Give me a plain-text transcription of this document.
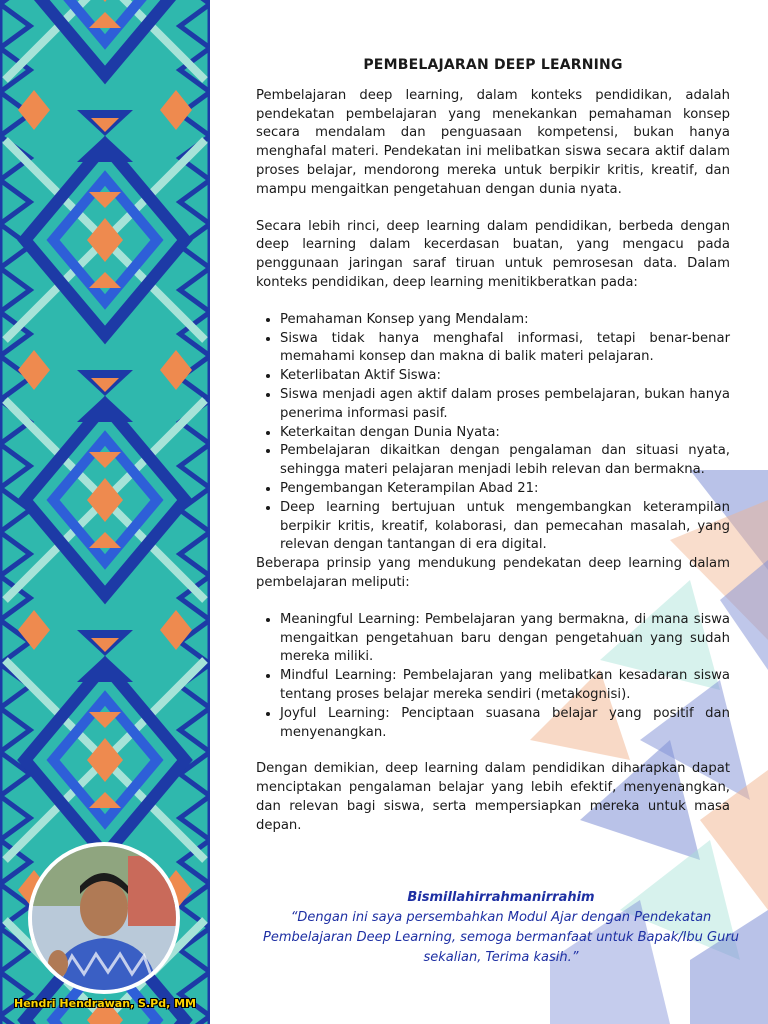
PEMBELAJARAN DEEP LEARNING

Pembelajaran deep learning, dalam konteks pendidikan, adalah pendekatan pembelajaran yang menekankan pemahaman konsep secara mendalam dan penguasaan kompetensi, bukan hanya menghafal materi. Pendekatan ini melibatkan siswa secara aktif dalam proses belajar, mendorong mereka untuk berpikir kritis, kreatif, dan mampu mengaitkan pengetahuan dengan dunia nyata.

Secara lebih rinci, deep learning dalam pendidikan, berbeda dengan deep learning dalam kecerdasan buatan, yang mengacu pada penggunaan jaringan saraf tiruan untuk pemrosesan data. Dalam konteks pendidikan, deep learning menitikberatkan pada:

• Pemahaman Konsep yang Mendalam:
• Siswa tidak hanya menghafal informasi, tetapi benar-benar memahami konsep dan makna di balik materi pelajaran.
• Keterlibatan Aktif Siswa:
• Siswa menjadi agen aktif dalam proses pembelajaran, bukan hanya penerima informasi pasif.
• Keterkaitan dengan Dunia Nyata:
• Pembelajaran dikaitkan dengan pengalaman dan situasi nyata, sehingga materi pelajaran menjadi lebih relevan dan bermakna.
• Pengembangan Keterampilan Abad 21:
• Deep learning bertujuan untuk mengembangkan keterampilan berpikir kritis, kreatif, kolaborasi, dan pemecahan masalah, yang relevan dengan tantangan di era digital.

Beberapa prinsip yang mendukung pendekatan deep learning dalam pembelajaran meliputi:

• Meaningful Learning: Pembelajaran yang bermakna, di mana siswa mengaitkan pengetahuan baru dengan pengetahuan yang sudah mereka miliki.
• Mindful Learning: Pembelajaran yang melibatkan kesadaran siswa tentang proses belajar mereka sendiri (metakognisi).
• Joyful Learning: Penciptaan suasana belajar yang positif dan menyenangkan.

Dengan demikian, deep learning dalam pendidikan diharapkan dapat menciptakan pengalaman belajar yang lebih efektif, menyenangkan, dan relevan bagi siswa, serta mempersiapkan mereka untuk masa depan.

Bismillahirrahmanirrahim
“Dengan ini saya persembahkan Modul Ajar dengan Pendekatan
Pembelajaran Deep Learning, semoga bermanfaat untuk Bapak/Ibu Guru
sekalian, Terima kasih.”
Hendri Hendrawan, S.Pd, MM
